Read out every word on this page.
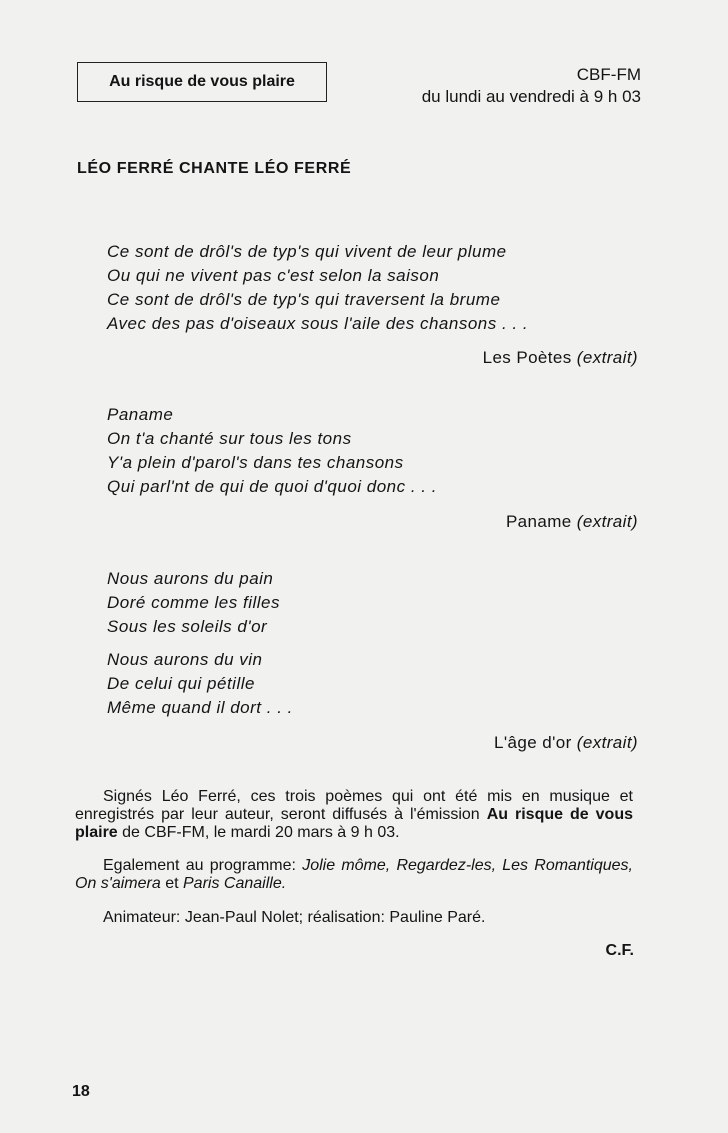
Au risque de vous plaire	CBF-FM
du lundi au vendredi à 9 h 03
LÉO FERRÉ CHANTE LÉO FERRÉ
Ce sont de drôl's de typ's qui vivent de leur plume
Ou qui ne vivent pas c'est selon la saison
Ce sont de drôl's de typ's qui traversent la brume
Avec des pas d'oiseaux sous l'aile des chansons . . .
Les Poètes (extrait)
Paname
On t'a chanté sur tous les tons
Y'a plein d'parol's dans tes chansons
Qui parl'nt de qui de quoi d'quoi donc . . .
Paname (extrait)
Nous aurons du pain
Doré comme les filles
Sous les soleils d'or
Nous aurons du vin
De celui qui pétille
Même quand il dort . . .
L'âge d'or (extrait)
Signés Léo Ferré, ces trois poèmes qui ont été mis en musique et enregistrés par leur auteur, seront diffusés à l'émission Au risque de vous plaire de CBF-FM, le mardi 20 mars à 9 h 03.
Egalement au programme: Jolie môme, Regardez-les, Les Romantiques, On s'aimera et Paris Canaille.
Animateur: Jean-Paul Nolet; réalisation: Pauline Paré.
C.F.
18
